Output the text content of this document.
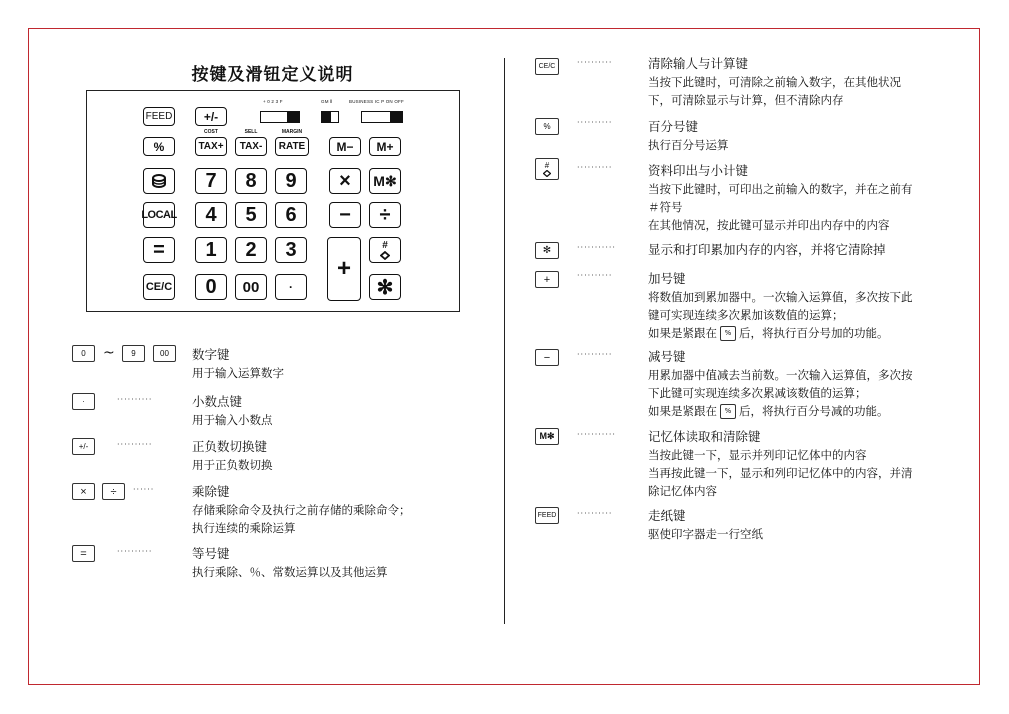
按键及滑钮定义说明
+ 0 2 3 F	GM Ⅱ	BUSINESS IC P ON OFF
FEED	+/-
COST	SELL	MARGIN
%	TAX+	TAX-	RATE	M−	M+
7	8	9	×	M✻
LOCAL	4	5	6	−	÷
=	1	2	3
+
#
CE/C	0	00	·	✻
0	~	9	00	数字键
用于输入运算数字
·	··········	小数点键
用于输入小数点
+/-	··········	正负数切换键
用于正负数切换
×	÷	······	乘除键
存储乘除命令及执行之前存储的乘除命令；
执行连续的乘除运算
=	··········	等号键
执行乘除、％、常数运算以及其他运算
CE/C	··········	清除输人与计算键
当按下此键时，可清除之前输入数字，在其他状况
下，可清除显示与计算，但不清除内存
%	··········	百分号键
执行百分号运算
#	··········	资料印出与小计键
当按下此键时，可印出之前输入的数字，并在之前有
＃符号
在其他情况，按此键可显示并印出内存中的内容
✻	···········	显示和打印累加内存的内容，并将它清除掉
+	··········	加号键
将数值加到累加器中。一次输入运算值，多次按下此
键可实现连续多次累加该数值的运算；
如果是紧跟在 % 后，将执行百分号加的功能。
−	··········	减号键
用累加器中值减去当前数。一次输入运算值，多次按
下此键可实现连续多次累减该数值的运算；
如果是紧跟在 % 后，将执行百分号减的功能。
M✻	···········	记忆体读取和清除键
当按此键一下，显示并列印记忆体中的内容
当再按此键一下，显示和列印记忆体中的内容，并清
除记忆体内容
FEED	··········	走纸键
驱使印字器走一行空纸
